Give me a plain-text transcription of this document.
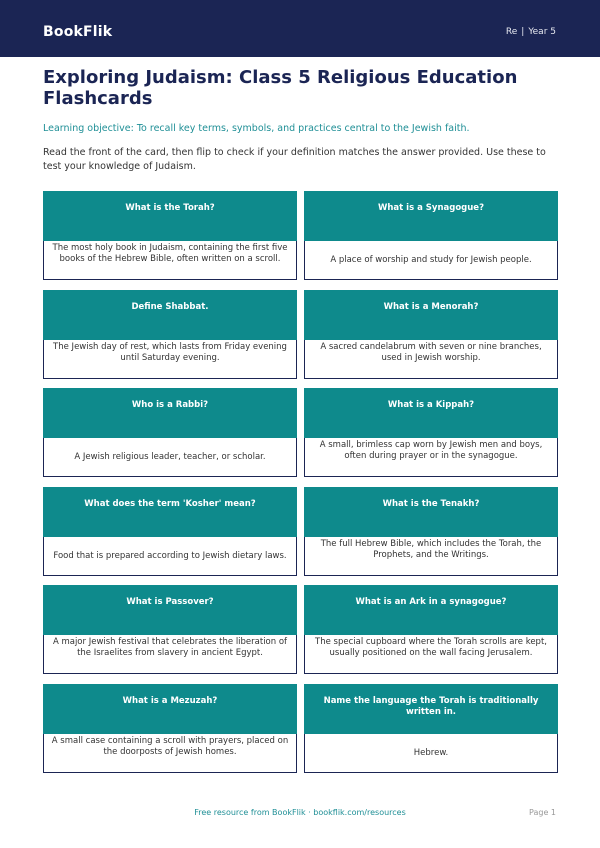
BookFlik	Re | Year 5
Exploring Judaism: Class 5 Religious Education Flashcards

Learning objective: To recall key terms, symbols, and practices central to the Jewish faith.

Read the front of the card, then flip to check if your definition matches the answer provided. Use these to test your knowledge of Judaism.

What is the Torah?
The most holy book in Judaism, containing the first five books of the Hebrew Bible, often written on a scroll.
What is a Synagogue?
A place of worship and study for Jewish people.
Define Shabbat.
The Jewish day of rest, which lasts from Friday evening until Saturday evening.
What is a Menorah?
A sacred candelabrum with seven or nine branches, used in Jewish worship.
Who is a Rabbi?
A Jewish religious leader, teacher, or scholar.
What is a Kippah?
A small, brimless cap worn by Jewish men and boys, often during prayer or in the synagogue.
What does the term 'Kosher' mean?
Food that is prepared according to Jewish dietary laws.
What is the Tenakh?
The full Hebrew Bible, which includes the Torah, the Prophets, and the Writings.
What is Passover?
A major Jewish festival that celebrates the liberation of the Israelites from slavery in ancient Egypt.
What is an Ark in a synagogue?
The special cupboard where the Torah scrolls are kept, usually positioned on the wall facing Jerusalem.
What is a Mezuzah?
A small case containing a scroll with prayers, placed on the doorposts of Jewish homes.
Name the language the Torah is traditionally written in.
Hebrew.
Free resource from BookFlik · bookflik.com/resources	Page 1
